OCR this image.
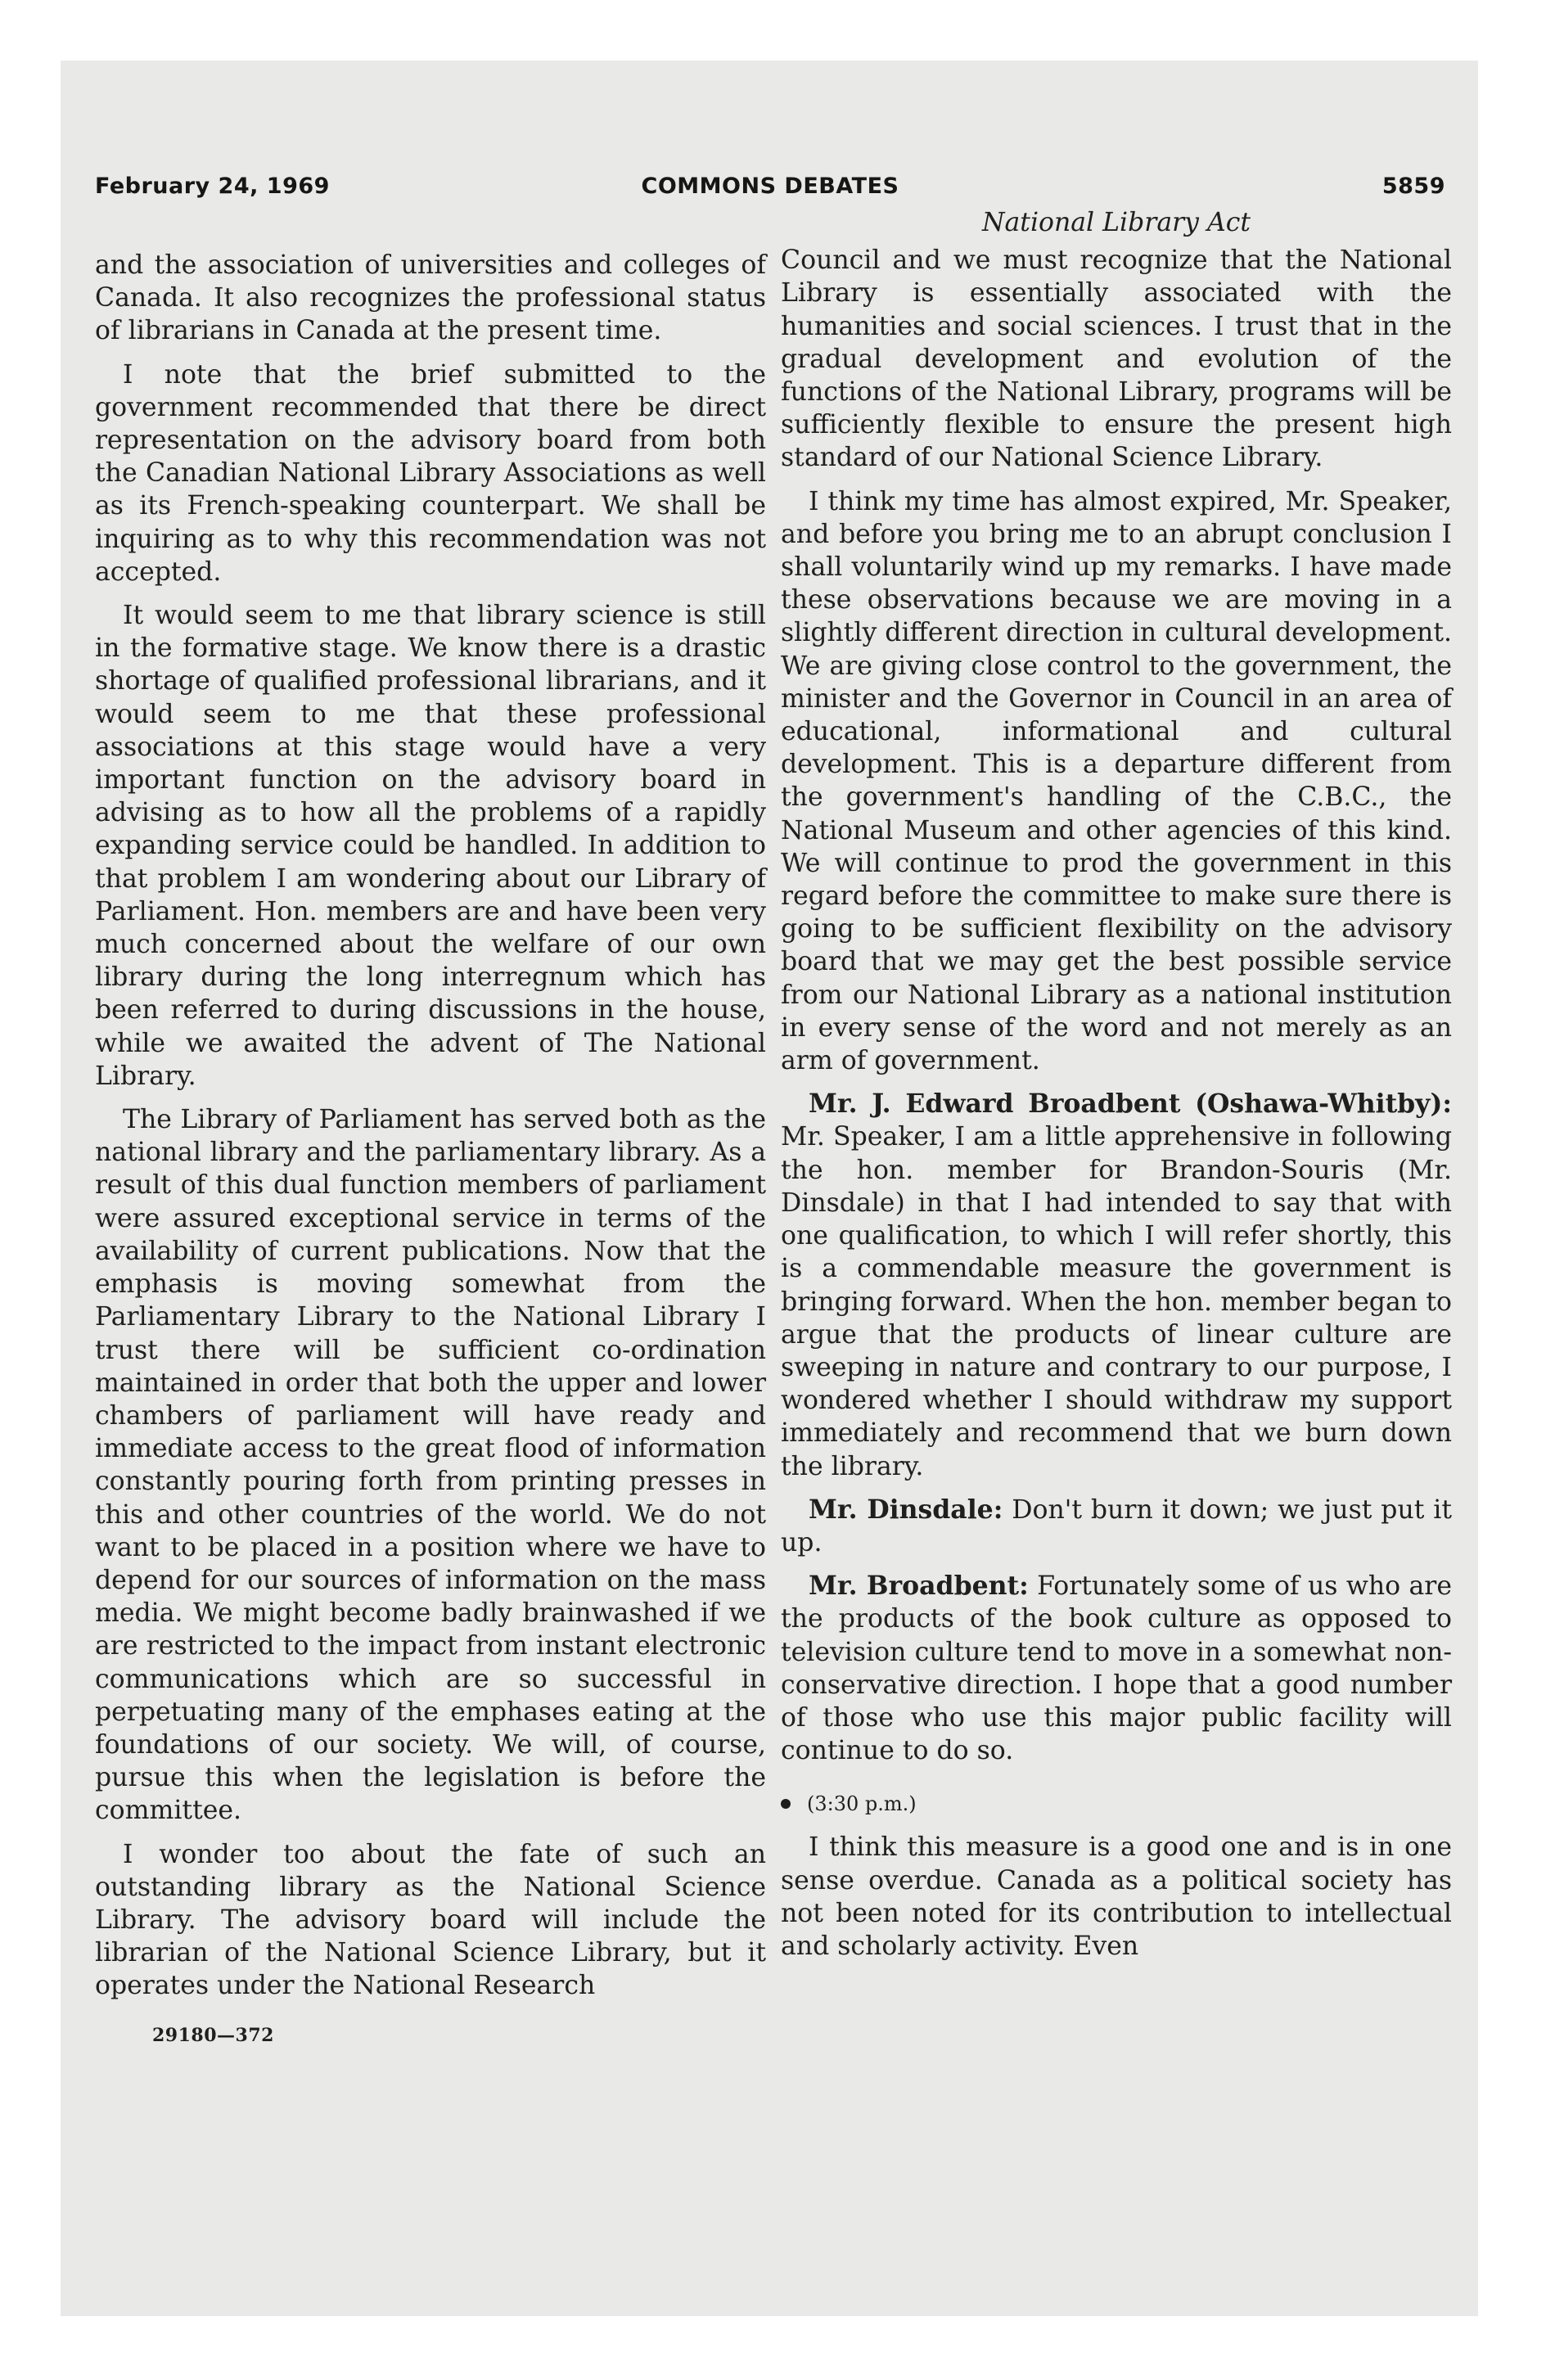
February 24, 1969	COMMONS DEBATES	5859

and the association of universities and colleges of Canada. It also recognizes the professional status of librarians in Canada at the present time.

I note that the brief submitted to the government recommended that there be direct representation on the advisory board from both the Canadian National Library Associations as well as its French-speaking counterpart. We shall be inquiring as to why this recommendation was not accepted.

It would seem to me that library science is still in the formative stage. We know there is a drastic shortage of qualified professional librarians, and it would seem to me that these professional associations at this stage would have a very important function on the advisory board in advising as to how all the problems of a rapidly expanding service could be handled. In addition to that problem I am wondering about our Library of Parliament. Hon. members are and have been very much concerned about the welfare of our own library during the long interregnum which has been referred to during discussions in the house, while we awaited the advent of The National Library.

The Library of Parliament has served both as the national library and the parliamentary library. As a result of this dual function members of parliament were assured exceptional service in terms of the availability of current publications. Now that the emphasis is moving somewhat from the Parliamentary Library to the National Library I trust there will be sufficient co-ordination maintained in order that both the upper and lower chambers of parliament will have ready and immediate access to the great flood of information constantly pouring forth from printing presses in this and other countries of the world. We do not want to be placed in a position where we have to depend for our sources of information on the mass media. We might become badly brainwashed if we are restricted to the impact from instant electronic communications which are so successful in perpetuating many of the emphases eating at the foundations of our society. We will, of course, pursue this when the legislation is before the committee.

I wonder too about the fate of such an outstanding library as the National Science Library. The advisory board will include the librarian of the National Science Library, but it operates under the National Research

29180—372
National Library Act

Council and we must recognize that the National Library is essentially associated with the humanities and social sciences. I trust that in the gradual development and evolution of the functions of the National Library, programs will be sufficiently flexible to ensure the present high standard of our National Science Library.

I think my time has almost expired, Mr. Speaker, and before you bring me to an abrupt conclusion I shall voluntarily wind up my remarks. I have made these observations because we are moving in a slightly different direction in cultural development. We are giving close control to the government, the minister and the Governor in Council in an area of educational, informational and cultural development. This is a departure different from the government's handling of the C.B.C., the National Museum and other agencies of this kind. We will continue to prod the government in this regard before the committee to make sure there is going to be sufficient flexibility on the advisory board that we may get the best possible service from our National Library as a national institution in every sense of the word and not merely as an arm of government.

Mr. J. Edward Broadbent (Oshawa-Whitby): Mr. Speaker, I am a little apprehensive in following the hon. member for Brandon-Souris (Mr. Dinsdale) in that I had intended to say that with one qualification, to which I will refer shortly, this is a commendable measure the government is bringing forward. When the hon. member began to argue that the products of linear culture are sweeping in nature and contrary to our purpose, I wondered whether I should withdraw my support immediately and recommend that we burn down the library.

Mr. Dinsdale: Don't burn it down; we just put it up.

Mr. Broadbent: Fortunately some of us who are the products of the book culture as opposed to television culture tend to move in a somewhat non-conservative direction. I hope that a good number of those who use this major public facility will continue to do so.

(3:30 p.m.)

I think this measure is a good one and is in one sense overdue. Canada as a political society has not been noted for its contribution to intellectual and scholarly activity. Even
